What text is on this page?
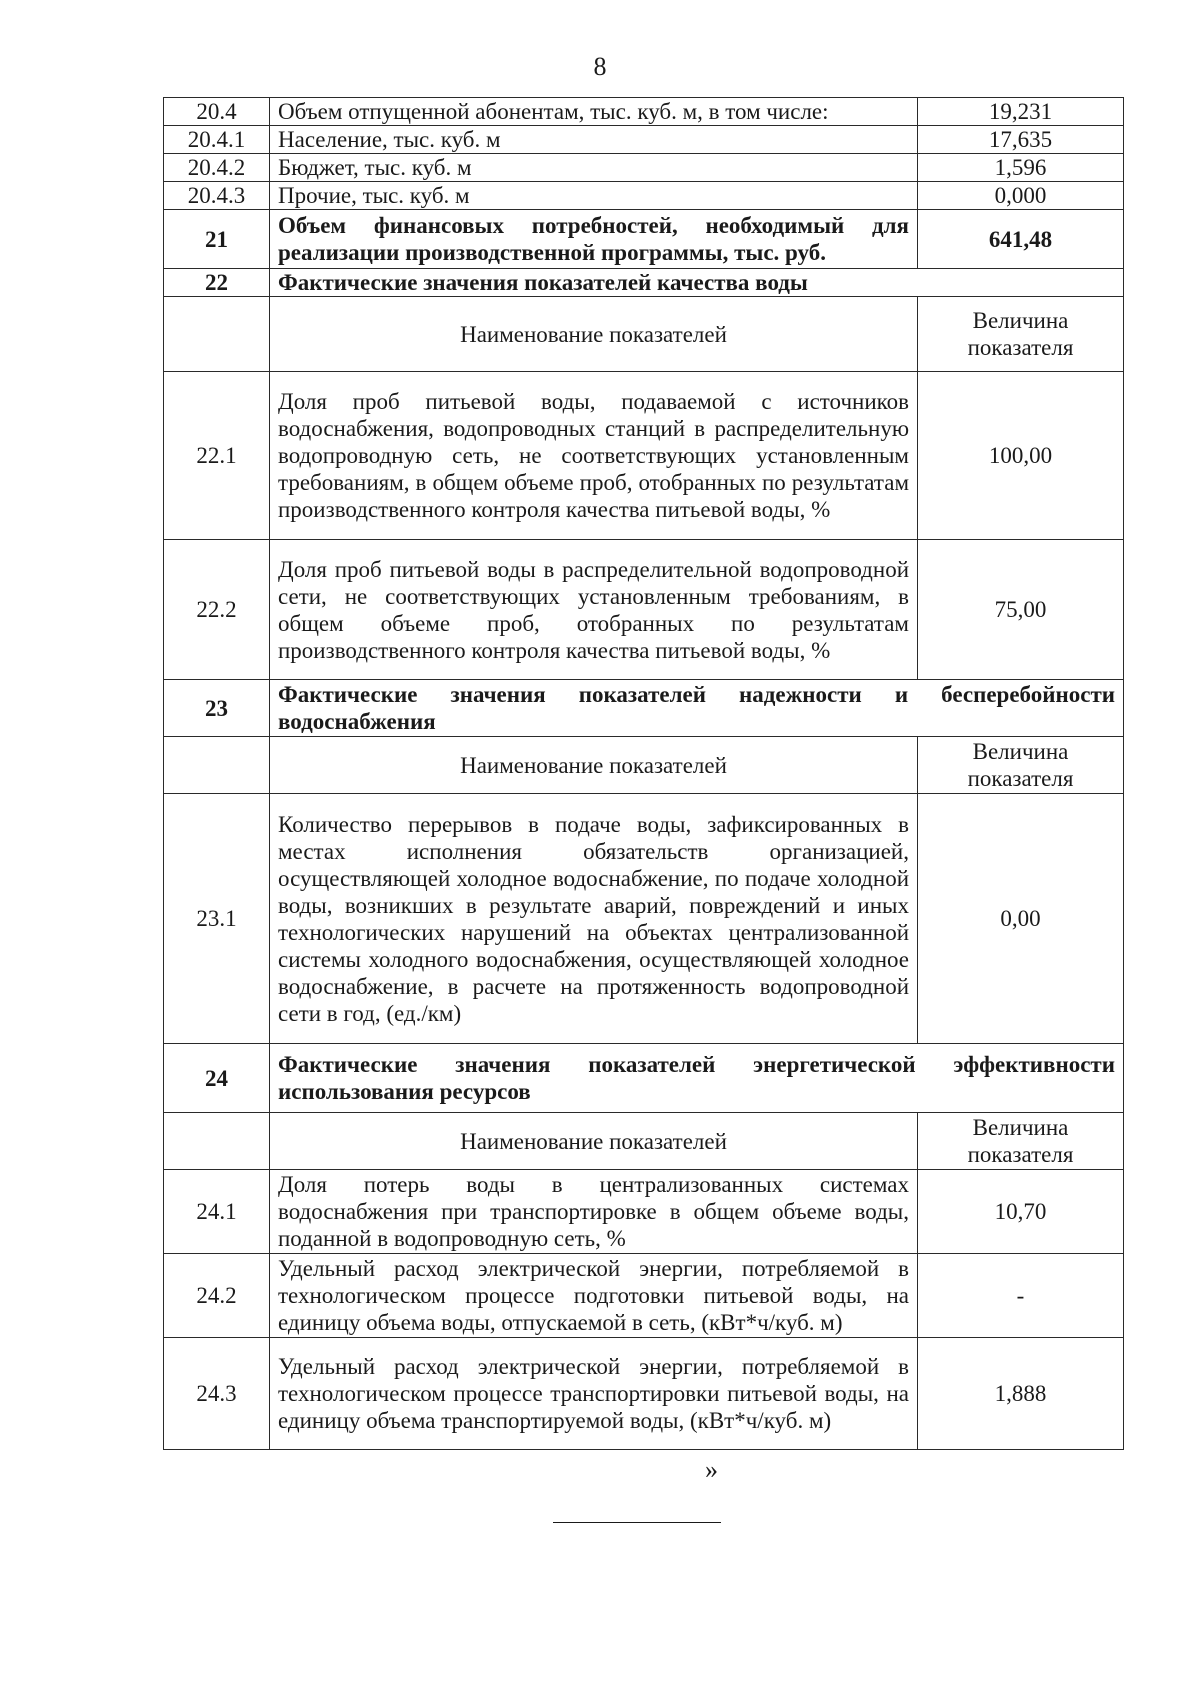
8
20.4	Объем отпущенной абонентам, тыс. куб. м, в том числе:	19,231
20.4.1	Население, тыс. куб. м	17,635
20.4.2	Бюджет, тыс. куб. м	1,596
20.4.3	Прочие, тыс. куб. м	0,000
21	Объем финансовых потребностей, необходимый для реализации производственной программы, тыс. руб.	641,48
22	Фактические значения показателей качества воды	
	Наименование показателей	Величина показателя
22.1	Доля проб питьевой воды, подаваемой с источников водоснабжения, водопроводных станций в распределительную водопроводную сеть, не соответствующих установленным требованиям, в общем объеме проб, отобранных по результатам производственного контроля качества питьевой воды, %	100,00
22.2	Доля проб питьевой воды в распределительной водопроводной сети, не соответствующих установленным требованиям, в общем объеме проб, отобранных по результатам производственного контроля качества питьевой воды, %	75,00
23	Фактические значения показателей надежности и бесперебойности водоснабжения	
	Наименование показателей	Величина показателя
23.1	Количество перерывов в подаче воды, зафиксированных в местах исполнения обязательств организацией, осуществляющей холодное водоснабжение, по подаче холодной воды, возникших в результате аварий, повреждений и иных технологических нарушений на объектах централизованной системы холодного водоснабжения, осуществляющей холодное водоснабжение, в расчете на протяженность водопроводной сети в год, (ед./км)	0,00
24	Фактические значения показателей энергетической эффективности использования ресурсов	
	Наименование показателей	Величина показателя
24.1	Доля потерь воды в централизованных системах водоснабжения при транспортировке в общем объеме воды, поданной в водопроводную сеть, %	10,70
24.2	Удельный расход электрической энергии, потребляемой в технологическом процессе подготовки питьевой воды, на единицу объема воды, отпускаемой в сеть, (кВт*ч/куб. м)	-
24.3	Удельный расход электрической энергии, потребляемой в технологическом процессе транспортировки питьевой воды, на единицу объема транспортируемой воды, (кВт*ч/куб. м)	1,888
»
